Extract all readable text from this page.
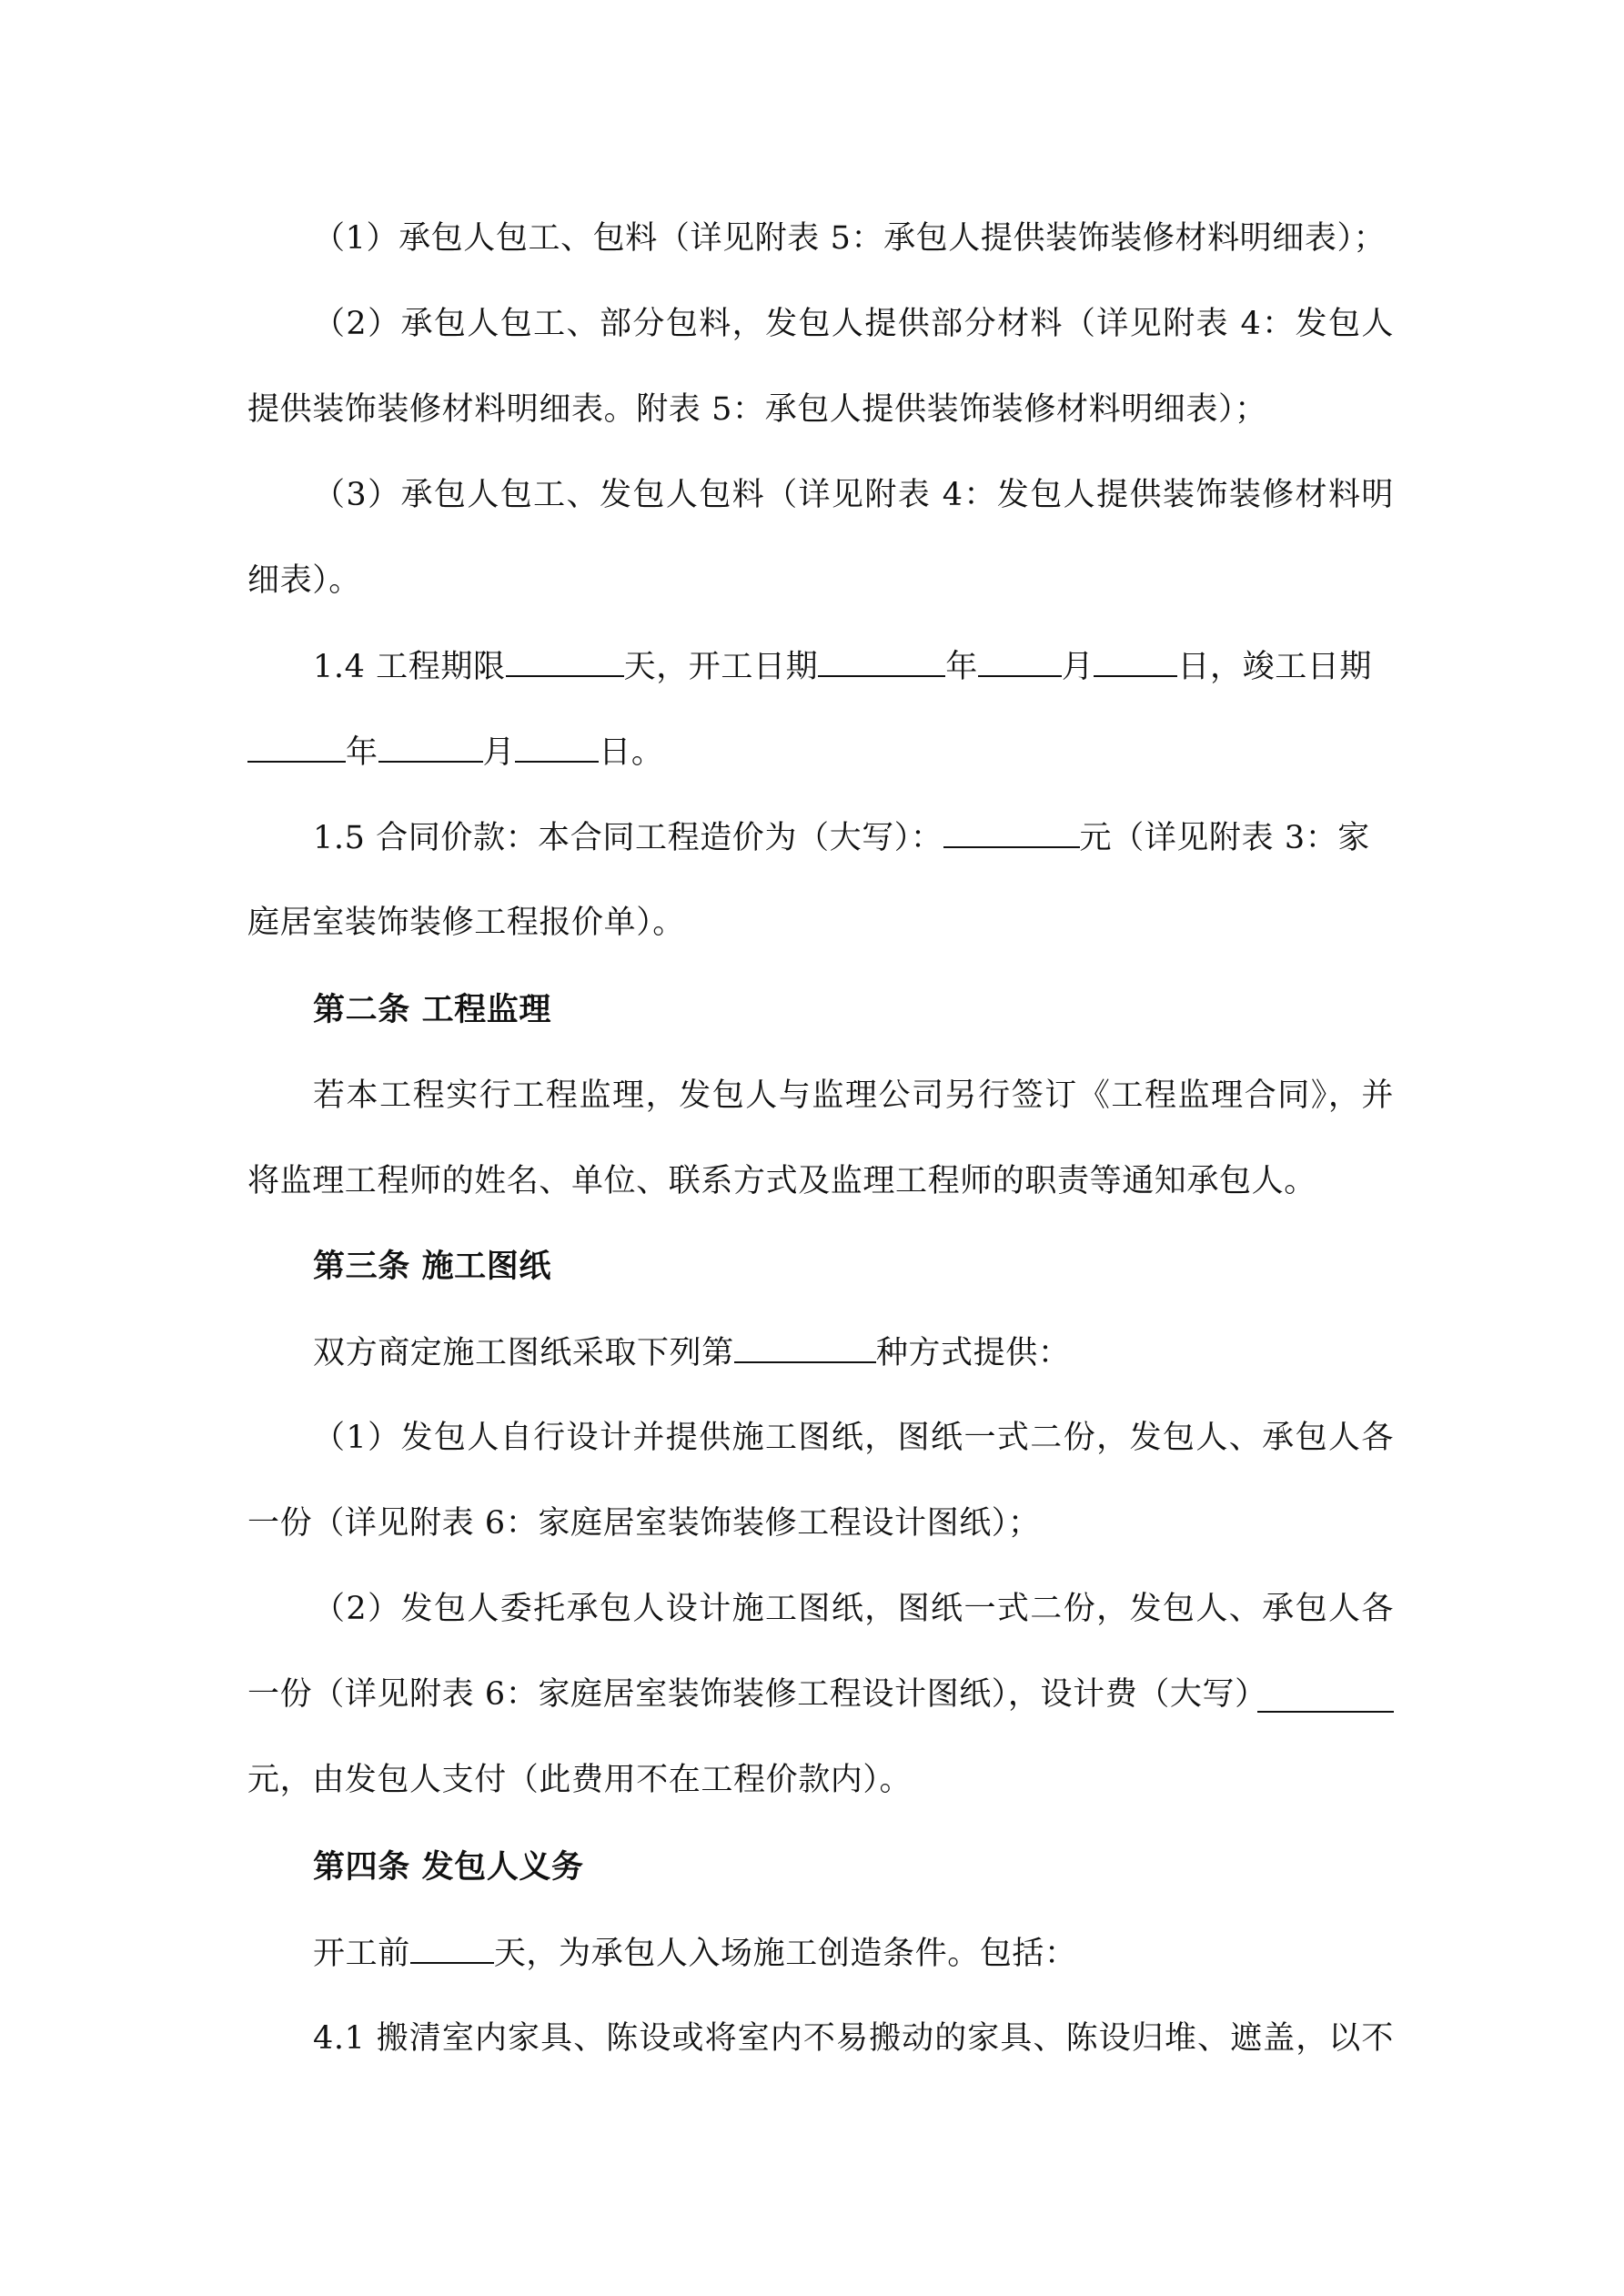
（1）承包人包工、包料（详见附表 5：承包人提供装饰装修材料明细表）；
（2）承包人包工、部分包料，发包人提供部分材料（详见附表 4：发包人
提供装饰装修材料明细表。附表 5：承包人提供装饰装修材料明细表）；
（3）承包人包工、发包人包料（详见附表 4：发包人提供装饰装修材料明
细表）。
1.4 工程期限	天，开工日期	年	月	日，竣工日期
年	月	日。
1.5 合同价款：本合同工程造价为（大写）：	元（详见附表 3：家
庭居室装饰装修工程报价单）。
第二条 工程监理
若本工程实行工程监理，发包人与监理公司另行签订《工程监理合同》，并
将监理工程师的姓名、单位、联系方式及监理工程师的职责等通知承包人。
第三条 施工图纸
双方商定施工图纸采取下列第	种方式提供：
（1）发包人自行设计并提供施工图纸，图纸一式二份，发包人、承包人各
一份（详见附表 6：家庭居室装饰装修工程设计图纸）；
（2）发包人委托承包人设计施工图纸，图纸一式二份，发包人、承包人各
一份（详见附表 6：家庭居室装饰装修工程设计图纸），设计费（大写）
元，由发包人支付（此费用不在工程价款内）。
第四条 发包人义务
开工前	天，为承包人入场施工创造条件。包括：
4.1 搬清室内家具、陈设或将室内不易搬动的家具、陈设归堆、遮盖，以不
